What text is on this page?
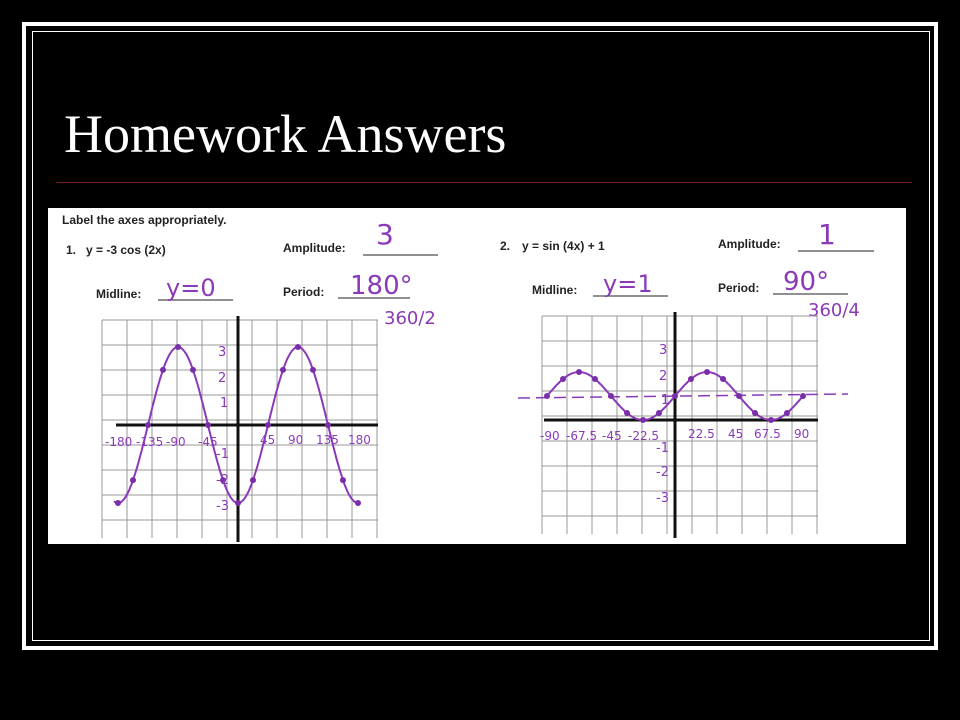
Homework Answers
Label the axes appropriately.
1. y = -3 cos (2x)	Amplitude: 3
Midline: y=0	Period: 180°
360/2
2. y = sin (4x) + 1	Amplitude: 1
Midline: y=1	Period: 90°
360/4
-180 -135 -90 -45	45 90 135 180
3
2
1
-1
-2
-3
-90 -67.5 -45 -22.5 22.5 45 67.5 90
3
2
1
-1
-2
-3
